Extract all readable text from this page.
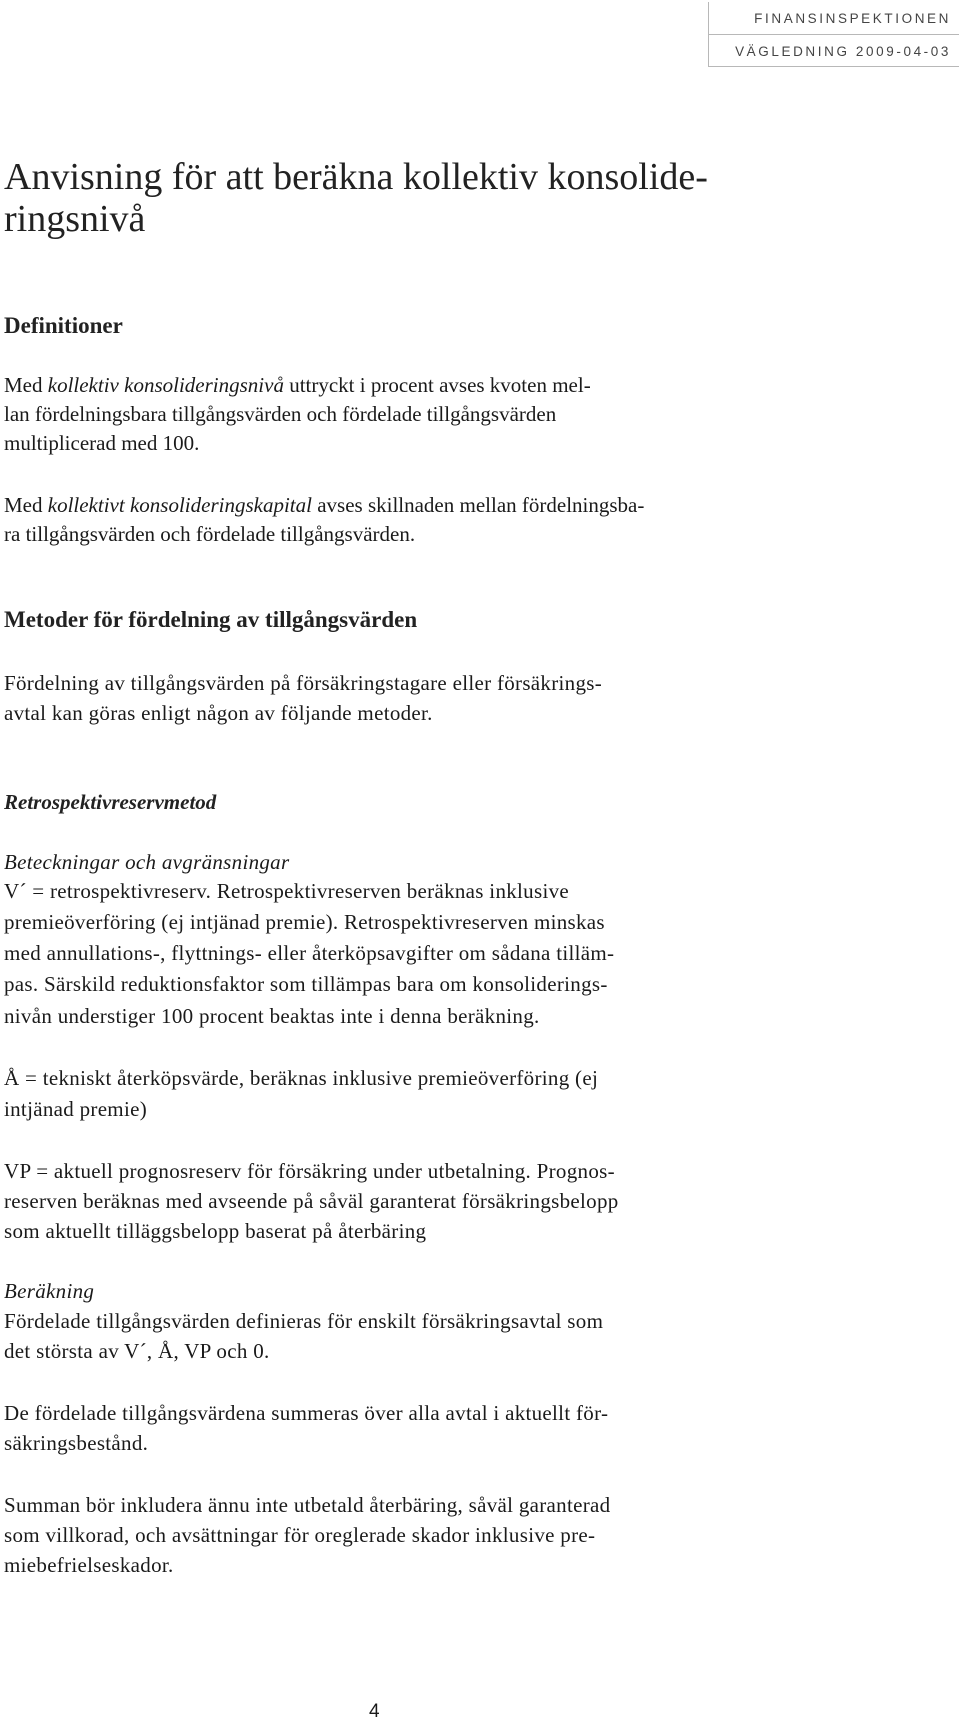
FINANSINSPEKTIONEN
VÄGLEDNING 2009-04-03
Anvisning för att beräkna kollektiv konsolide-
ringsnivå
Definitioner
Med kollektiv konsolideringsnivå uttryckt i procent avses kvoten mel-
lan fördelningsbara tillgångsvärden och fördelade tillgångsvärden
multiplicerad med 100.
Med kollektivt konsolideringskapital avses skillnaden mellan fördelningsba-
ra tillgångsvärden och fördelade tillgångsvärden.
Metoder för fördelning av tillgångsvärden
Fördelning av tillgångsvärden på försäkringstagare eller försäkrings-
avtal kan göras enligt någon av följande metoder.
Retrospektivreservmetod
Beteckningar och avgränsningar
V´ = retrospektivreserv. Retrospektivreserven beräknas inklusive
premieöverföring (ej intjänad premie). Retrospektivreserven minskas
med annullations-, flyttnings- eller återköpsavgifter om sådana tilläm-
pas. Särskild reduktionsfaktor som tillämpas bara om konsoliderings-
nivån understiger 100 procent beaktas inte i denna beräkning.
Å = tekniskt återköpsvärde, beräknas inklusive premieöverföring (ej
intjänad premie)
VP = aktuell prognosreserv för försäkring under utbetalning. Prognos-
reserven beräknas med avseende på såväl garanterat försäkringsbelopp
som aktuellt tilläggsbelopp baserat på återbäring
Beräkning
Fördelade tillgångsvärden definieras för enskilt försäkringsavtal som
det största av V´, Å, VP och 0.
De fördelade tillgångsvärdena summeras över alla avtal i aktuellt för-
säkringsbestånd.
Summan bör inkludera ännu inte utbetald återbäring, såväl garanterad
som villkorad, och avsättningar för oreglerade skador inklusive pre-
miebefrielseskador.
4
